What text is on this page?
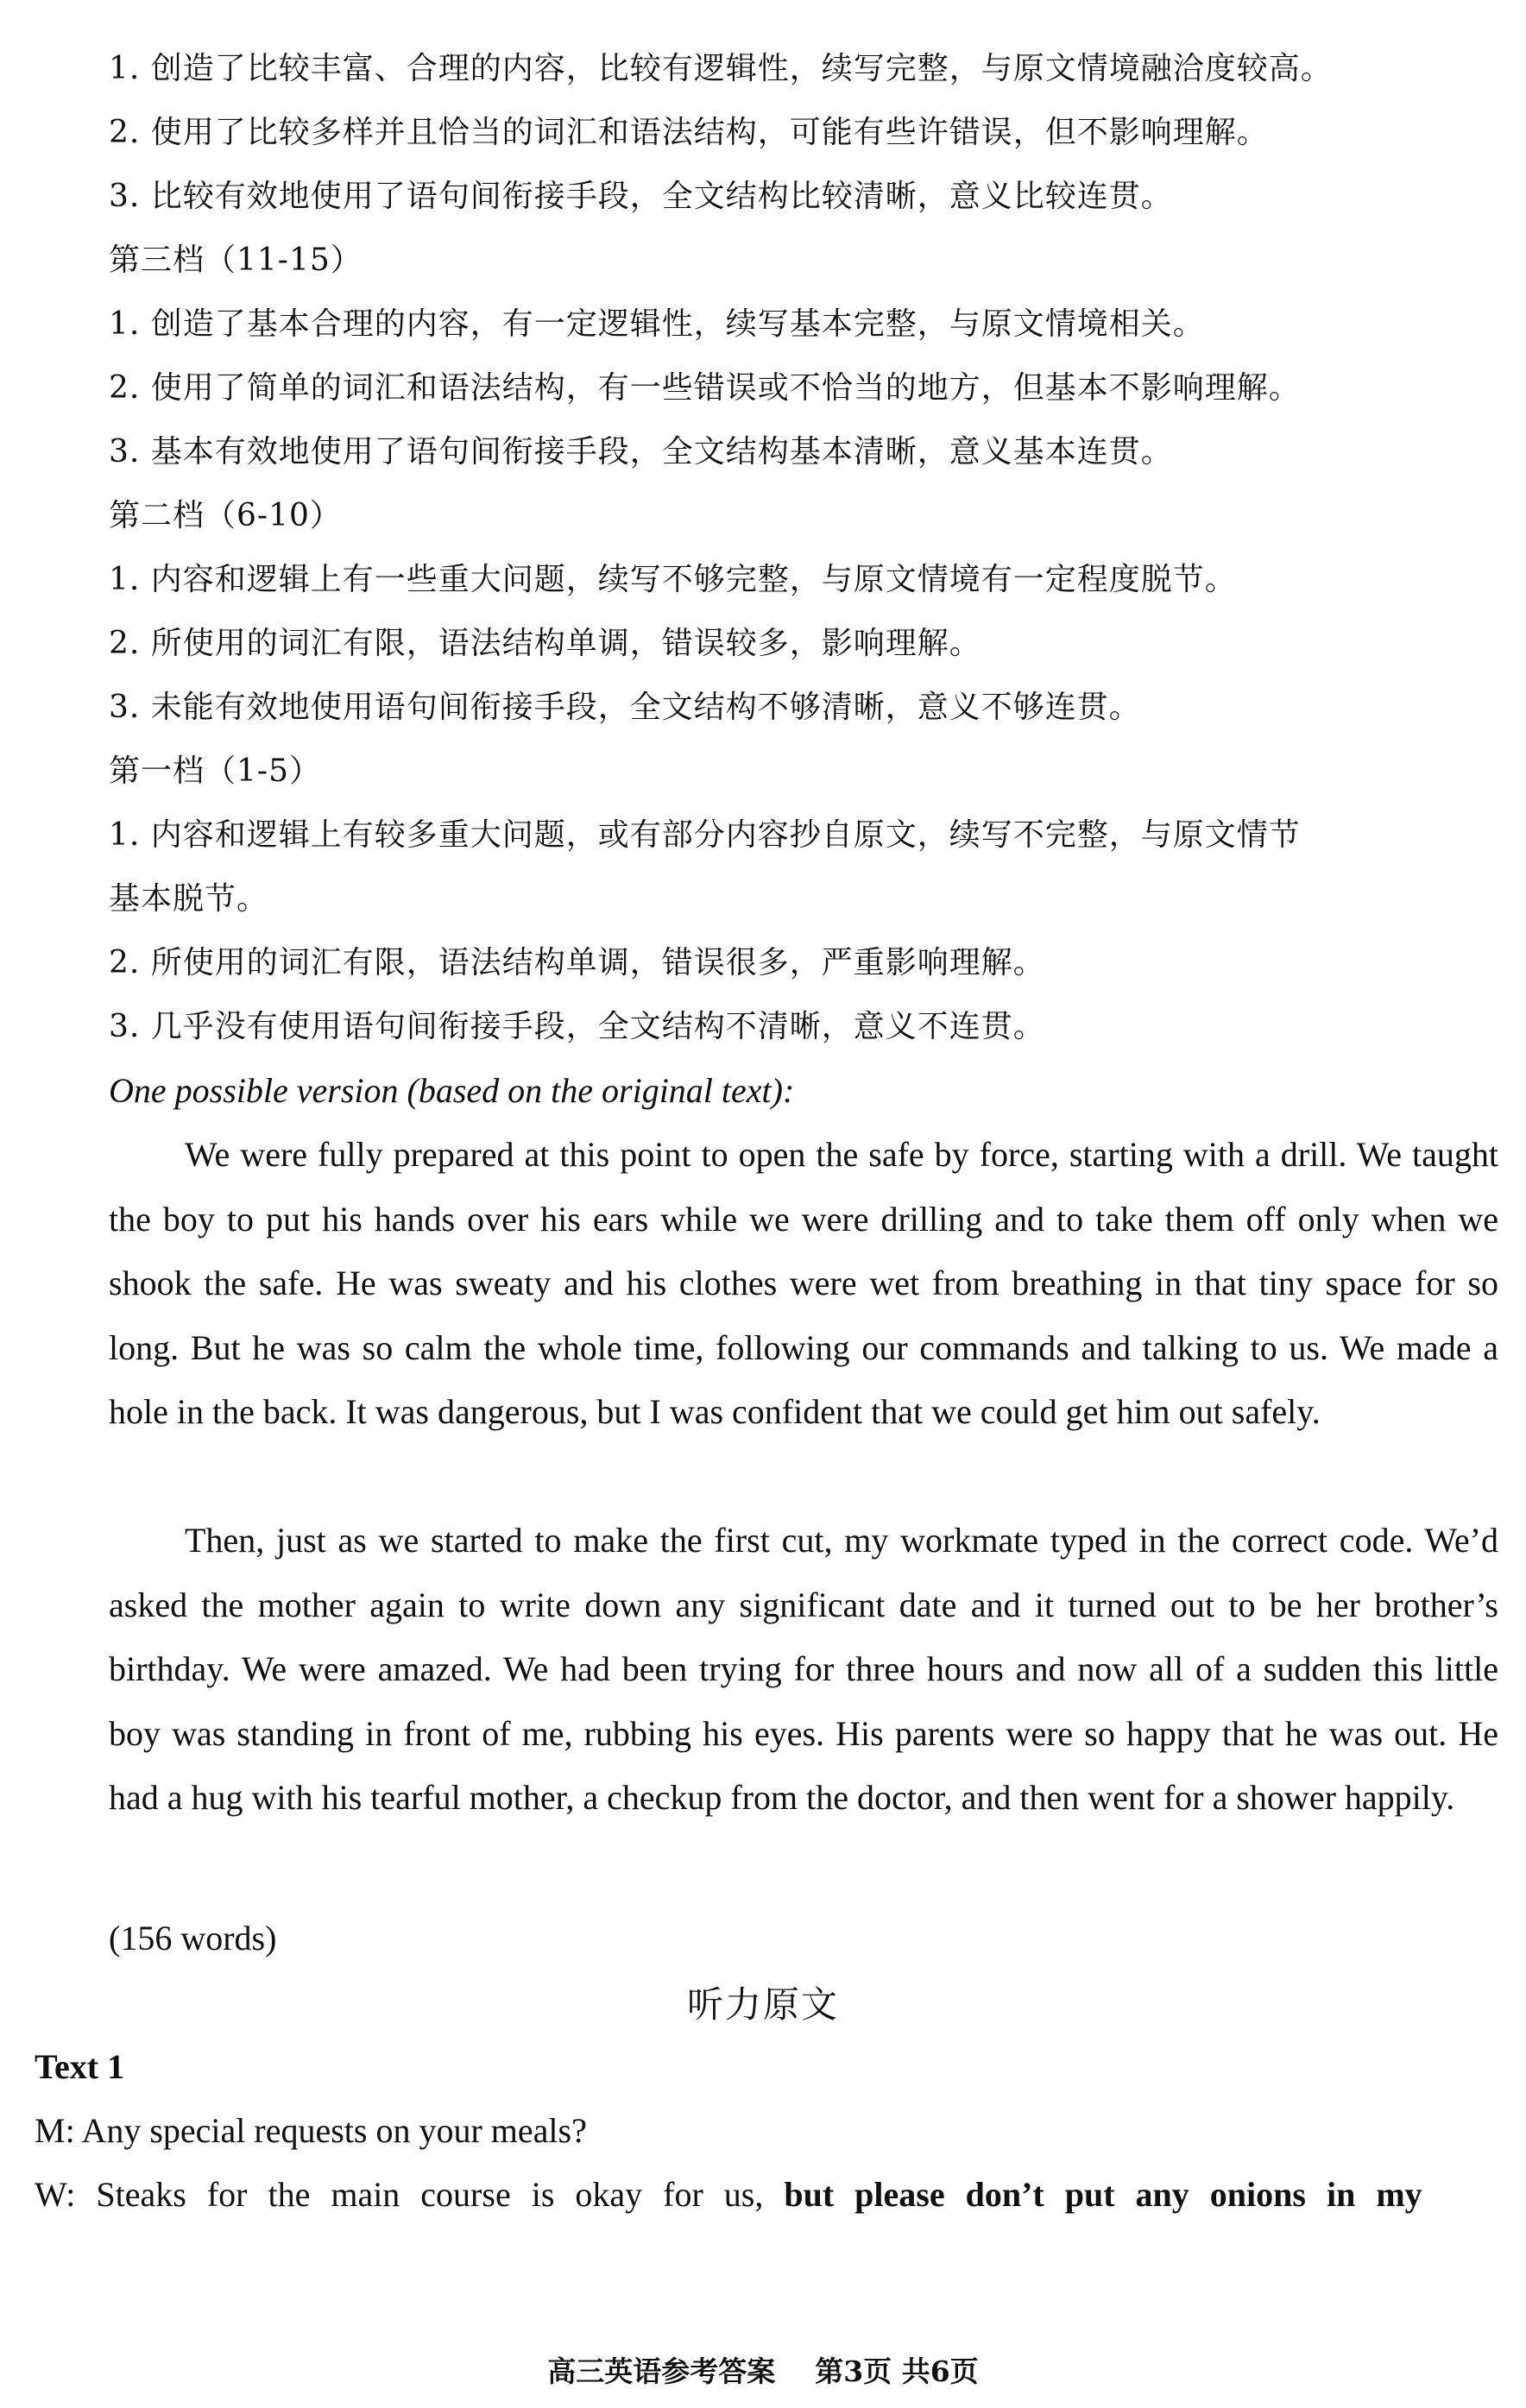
1. 创造了比较丰富、合理的内容，比较有逻辑性，续写完整，与原文情境融洽度较高。
2. 使用了比较多样并且恰当的词汇和语法结构，可能有些许错误，但不影响理解。
3. 比较有效地使用了语句间衔接手段，全文结构比较清晰，意义比较连贯。
第三档（11-15）
1. 创造了基本合理的内容，有一定逻辑性，续写基本完整，与原文情境相关。
2. 使用了简单的词汇和语法结构，有一些错误或不恰当的地方，但基本不影响理解。
3. 基本有效地使用了语句间衔接手段，全文结构基本清晰，意义基本连贯。
第二档（6-10）
1. 内容和逻辑上有一些重大问题，续写不够完整，与原文情境有一定程度脱节。
2. 所使用的词汇有限，语法结构单调，错误较多，影响理解。
3. 未能有效地使用语句间衔接手段，全文结构不够清晰，意义不够连贯。
第一档（1-5）
1. 内容和逻辑上有较多重大问题，或有部分内容抄自原文，续写不完整，与原文情节
基本脱节。
2. 所使用的词汇有限，语法结构单调，错误很多，严重影响理解。
3. 几乎没有使用语句间衔接手段，全文结构不清晰，意义不连贯。
One possible version (based on the original text):
We were fully prepared at this point to open the safe by force, starting with a drill. We taught the boy to put his hands over his ears while we were drilling and to take them off only when we shook the safe. He was sweaty and his clothes were wet from breathing in that tiny space for so long. But he was so calm the whole time, following our commands and talking to us. We made a hole in the back. It was dangerous, but I was confident that we could get him out safely.
Then, just as we started to make the first cut, my workmate typed in the correct code. We’d asked the mother again to write down any significant date and it turned out to be her brother’s birthday. We were amazed. We had been trying for three hours and now all of a sudden this little boy was standing in front of me, rubbing his eyes. His parents were so happy that he was out. He had a hug with his tearful mother, a checkup from the doctor, and then went for a shower happily.
(156 words)
听力原文
Text 1
M: Any special requests on your meals?
W: Steaks for the main course is okay for us, but please don’t put any onions in my
高三英语参考答案 第3页 共6页
